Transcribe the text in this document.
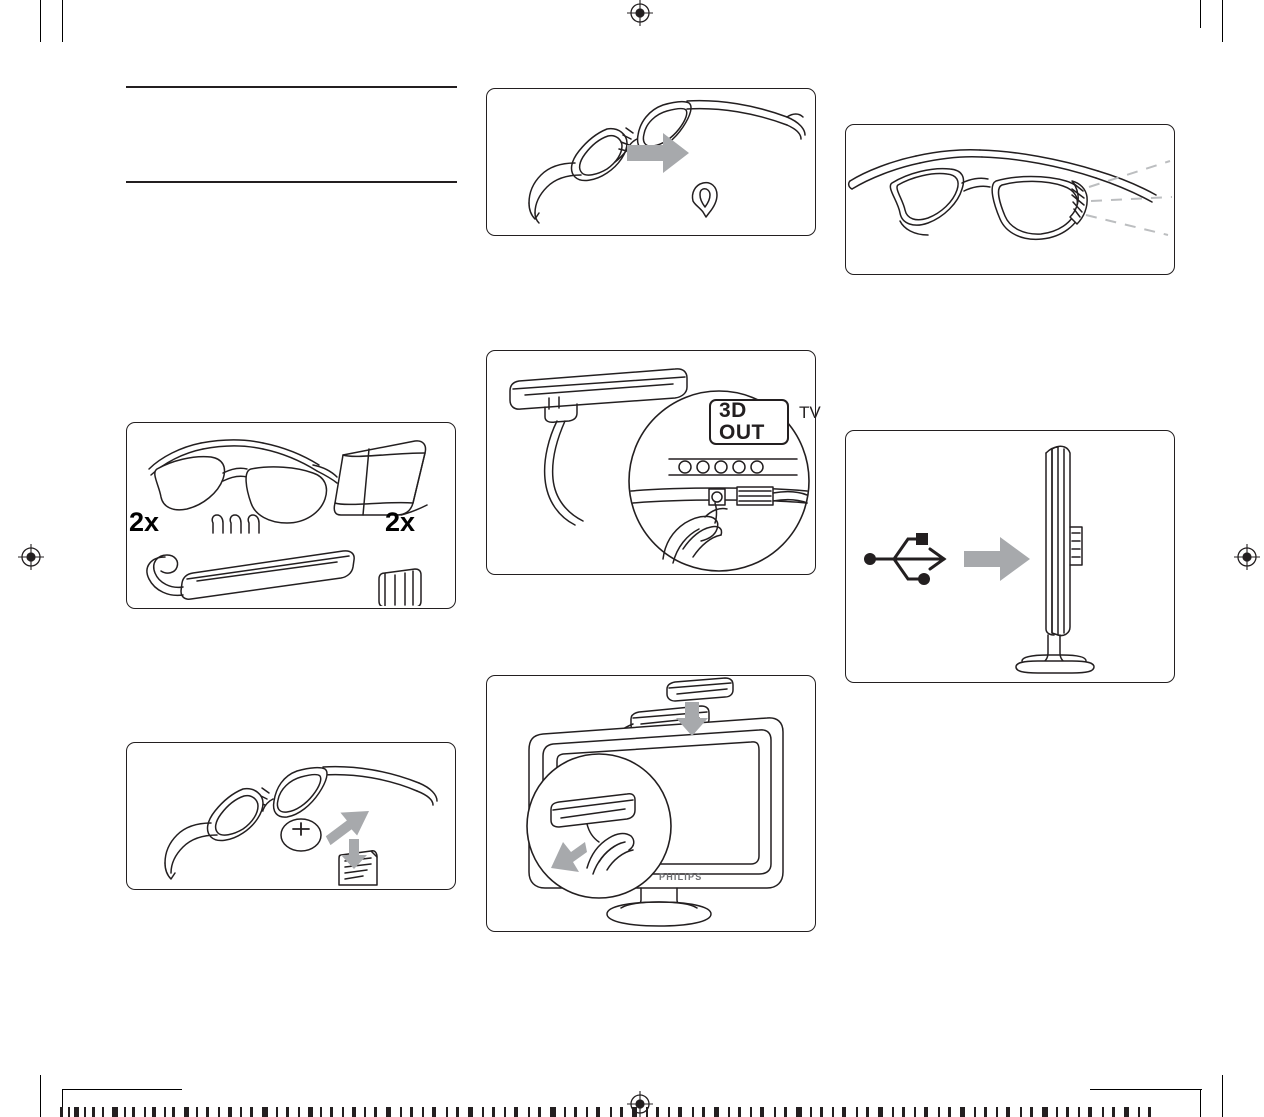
2x	2x
3D
OUT
TV
PHILIPS
